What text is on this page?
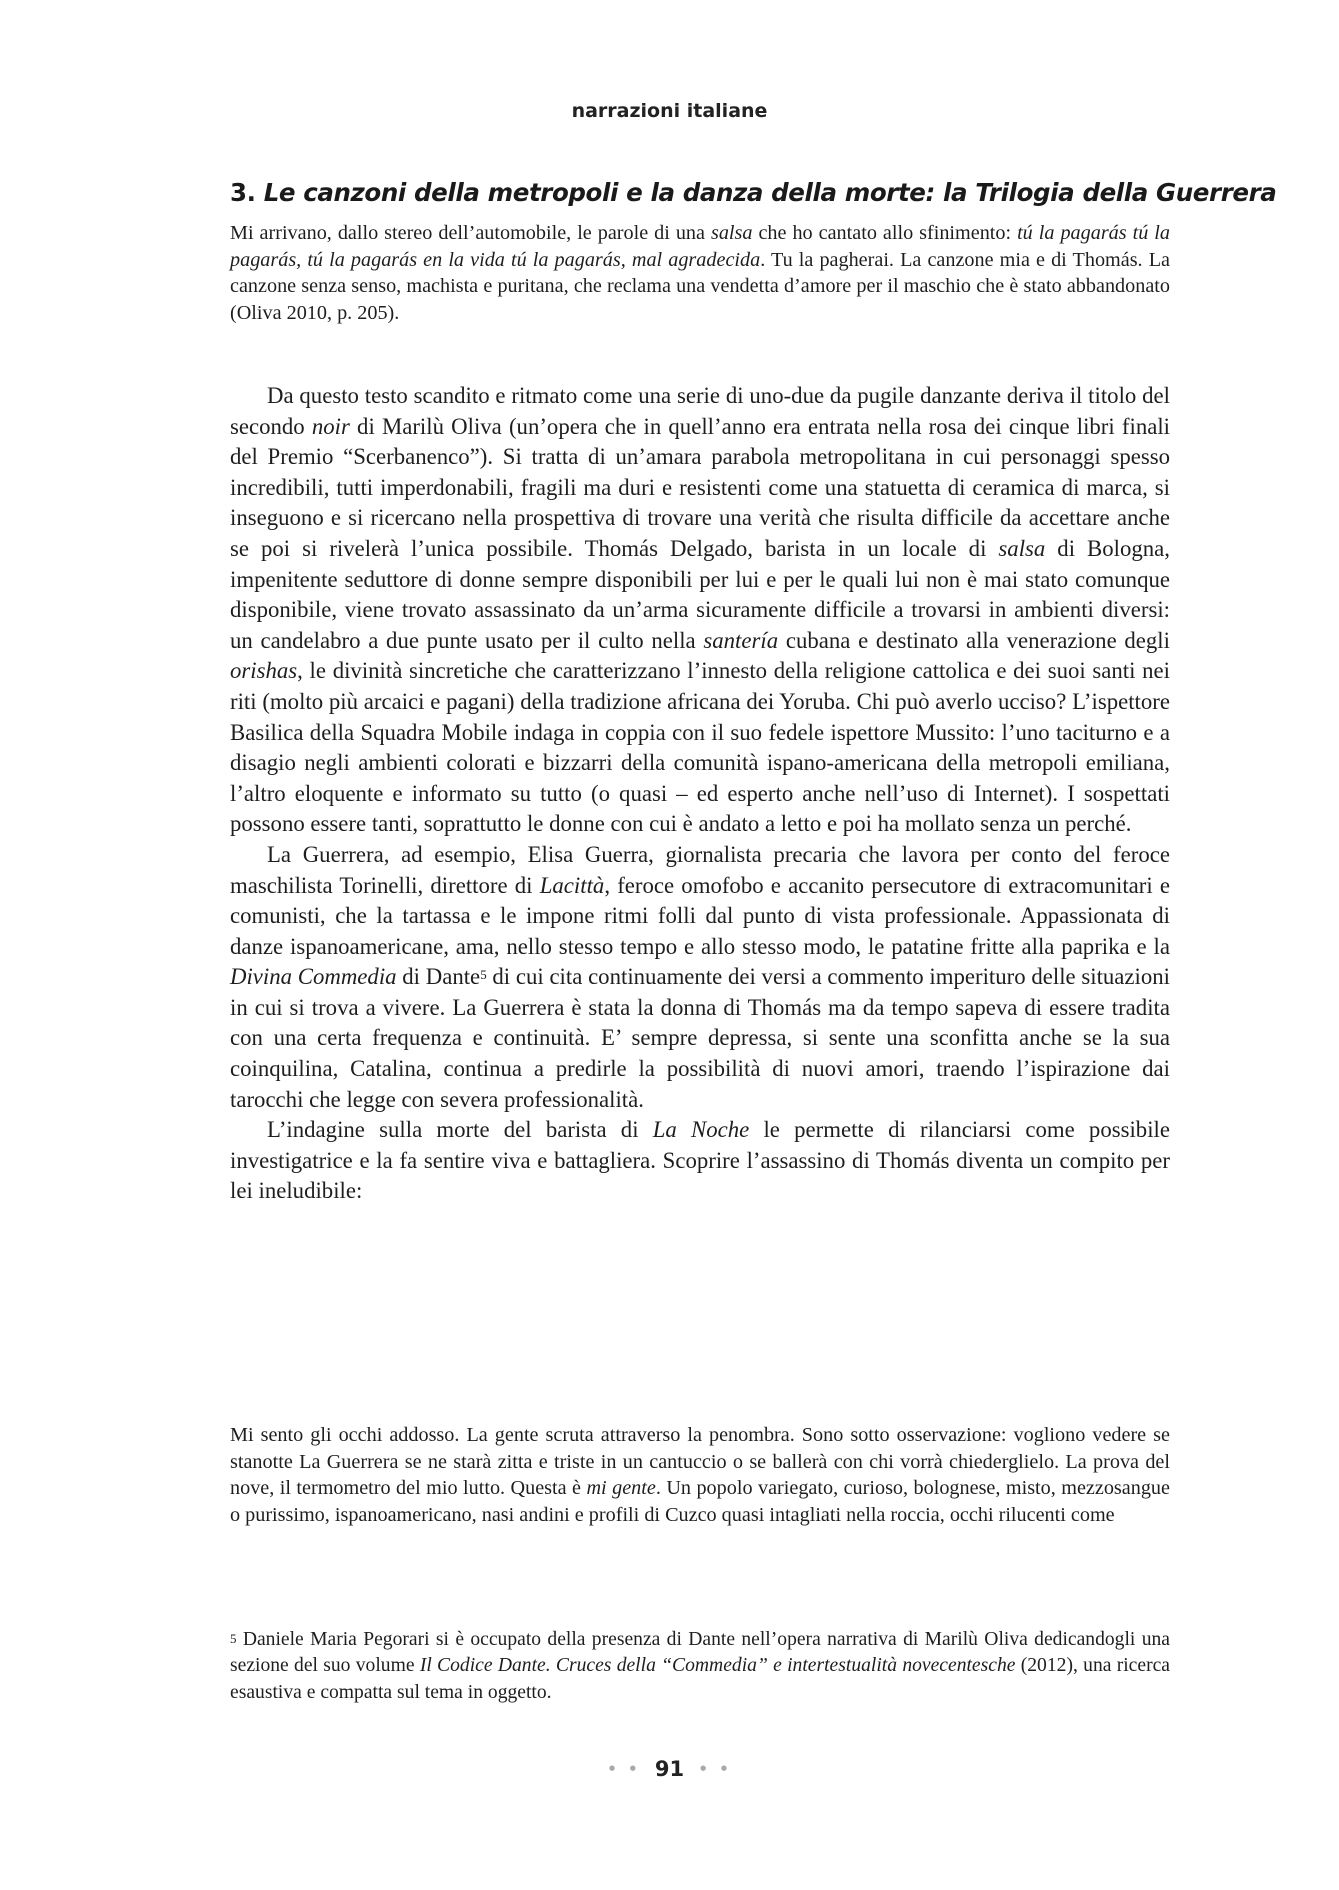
narrazioni italiane
3. Le canzoni della metropoli e la danza della morte: la Trilogia della Guerrera

Mi arrivano, dallo stereo dell’automobile, le parole di una salsa che ho cantato allo sfinimento: tú la pagarás tú la pagarás, tú la pagarás en la vida tú la pagarás, mal agradecida. Tu la pagherai. La canzone mia e di Thomás. La canzone senza senso, machista e puritana, che reclama una vendetta d’amore per il maschio che è stato abbandonato (Oliva 2010, p. 205).

Da questo testo scandito e ritmato come una serie di uno-due da pugile danzante deriva il titolo del secondo noir di Marilù Oliva (un’opera che in quell’anno era entrata nella rosa dei cinque libri finali del Premio “Scerbanenco”). Si tratta di un’amara parabola metropolitana in cui personaggi spesso incredibili, tutti imperdonabili, fragili ma duri e resistenti come una statuetta di ceramica di marca, si inseguono e si ricercano nella prospettiva di trovare una verità che risulta difficile da accettare anche se poi si rivelerà l’unica possibile. Thomás Delgado, barista in un locale di salsa di Bologna, impenitente seduttore di donne sempre disponibili per lui e per le quali lui non è mai stato comunque disponibile, viene trovato assassinato da un’arma sicuramente difficile a trovarsi in ambienti diversi: un candelabro a due punte usato per il culto nella santería cubana e destinato alla venerazione degli orishas, le divinità sincretiche che caratterizzano l’innesto della religione cattolica e dei suoi santi nei riti (molto più arcaici e pagani) della tradizione africana dei Yoruba. Chi può averlo ucciso? L’ispettore Basilica della Squadra Mobile indaga in coppia con il suo fedele ispettore Mussito: l’uno taciturno e a disagio negli ambienti colorati e bizzarri della comunità ispano-americana della metropoli emiliana, l’altro eloquente e informato su tutto (o quasi – ed esperto anche nell’uso di Internet). I sospettati possono essere tanti, soprattutto le donne con cui è andato a letto e poi ha mollato senza un perché.

La Guerrera, ad esempio, Elisa Guerra, giornalista precaria che lavora per conto del feroce maschilista Torinelli, direttore di Lacittà, feroce omofobo e accanito persecutore di extracomunitari e comunisti, che la tartassa e le impone ritmi folli dal punto di vista professionale. Appassionata di danze ispanoamericane, ama, nello stesso tempo e allo stesso modo, le patatine fritte alla paprika e la Divina Commedia di Dante$^5$ di cui cita continuamente dei versi a commento imperituro delle situazioni in cui si trova a vivere. La Guerrera è stata la donna di Thomás ma da tempo sapeva di essere tradita con una certa frequenza e continuità. E’ sempre depressa, si sente una sconfitta anche se la sua coinquilina, Catalina, continua a predirle la possibilità di nuovi amori, traendo l’ispirazione dai tarocchi che legge con severa professionalità.

L’indagine sulla morte del barista di La Noche le permette di rilanciarsi come possibile investigatrice e la fa sentire viva e battagliera. Scoprire l’assassino di Thomás diventa un compito per lei ineludibile:

Mi sento gli occhi addosso. La gente scruta attraverso la penombra. Sono sotto osservazione: vogliono vedere se stanotte La Guerrera se ne starà zitta e triste in un cantuccio o se ballerà con chi vorrà chiederglielo. La prova del nove, il termometro del mio lutto. Questa è mi gente. Un popolo variegato, curioso, bolognese, misto, mezzosangue o purissimo, ispanoamericano, nasi andini e profili di Cuzco quasi intagliati nella roccia, occhi rilucenti come

$^5$ Daniele Maria Pegorari si è occupato della presenza di Dante nell’opera narrativa di Marilù Oliva dedicandogli una sezione del suo volume Il Codice Dante. Cruces della “Commedia” e intertestualità novecentesche (2012), una ricerca esaustiva e compatta sul tema in oggetto.

• • 91 • •
